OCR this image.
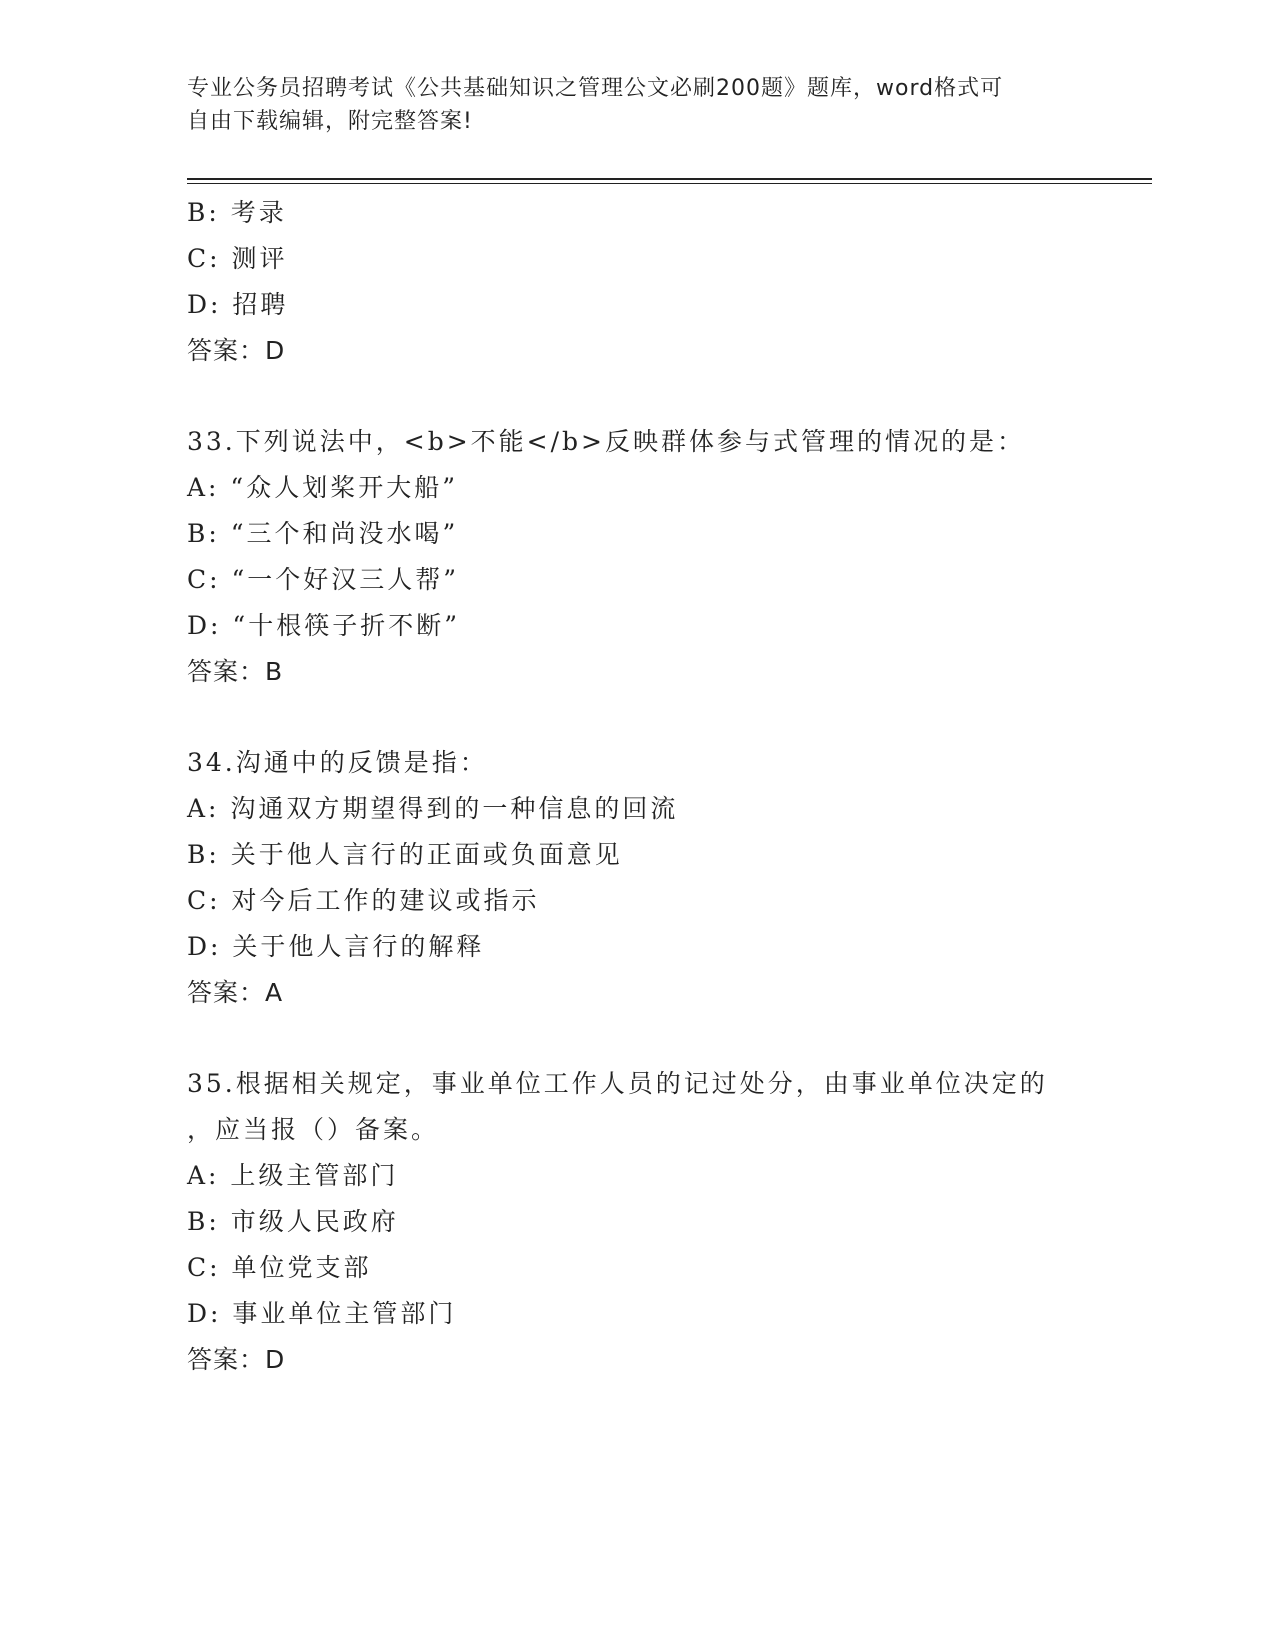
专业公务员招聘考试《公共基础知识之管理公文必刷200题》题库，word格式可
自由下载编辑，附完整答案!
B: 考录
C: 测评
D: 招聘
答案：D
33.下列说法中，<b>不能</b>反映群体参与式管理的情况的是：
A: “众人划桨开大船”
B: “三个和尚没水喝”
C: “一个好汉三人帮”
D: “十根筷子折不断”
答案：B
34.沟通中的反馈是指：
A: 沟通双方期望得到的一种信息的回流
B: 关于他人言行的正面或负面意见
C: 对今后工作的建议或指示
D: 关于他人言行的解释
答案：A
35.根据相关规定，事业单位工作人员的记过处分，由事业单位决定的
，应当报（）备案。
A: 上级主管部门
B: 市级人民政府
C: 单位党支部
D: 事业单位主管部门
答案：D
